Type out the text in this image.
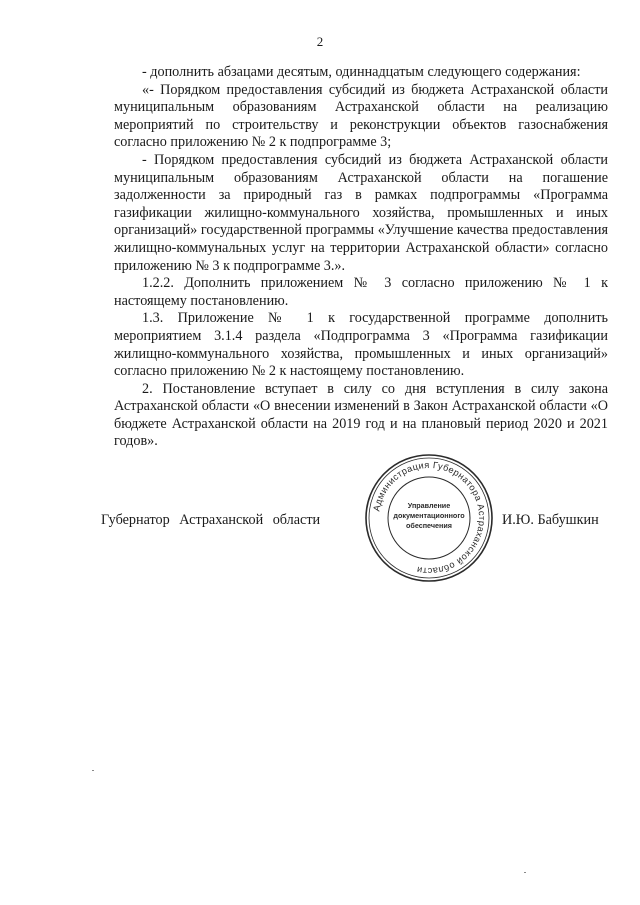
2

- дополнить абзацами десятым, одиннадцатым следующего содержания:

«- Порядком предоставления субсидий из бюджета Астраханской области муниципальным образованиям Астраханской области на реализацию мероприятий по строительству и реконструкции объектов газоснабжения согласно приложению № 2 к подпрограмме 3;

- Порядком предоставления субсидий из бюджета Астраханской области муниципальным образованиям Астраханской области на погашение задолженности за природный газ в рамках подпрограммы «Программа газификации жилищно-коммунального хозяйства, промышленных и иных организаций» государственной программы «Улучшение качества предоставления жилищно-коммунальных услуг на территории Астраханской области» согласно приложению № 3 к подпрограмме 3.».

1.2.2. Дополнить приложением № 3 согласно приложению № 1 к настоящему постановлению.

1.3. Приложение № 1 к государственной программе дополнить мероприятием 3.1.4 раздела «Подпрограмма 3 «Программа газификации жилищно-коммунального хозяйства, промышленных и иных организаций» согласно приложению № 2 к настоящему постановлению.

2. Постановление вступает в силу со дня вступления в силу закона Астраханской области «О внесении изменений в Закон Астраханской области «О бюджете Астраханской области на 2019 год и на плановый период 2020 и 2021 годов».

Губернатор Астраханской области	И.Ю. Бабушкин
Администрация Губернатора Астраханской области
Управление
документационного
обеспечения
